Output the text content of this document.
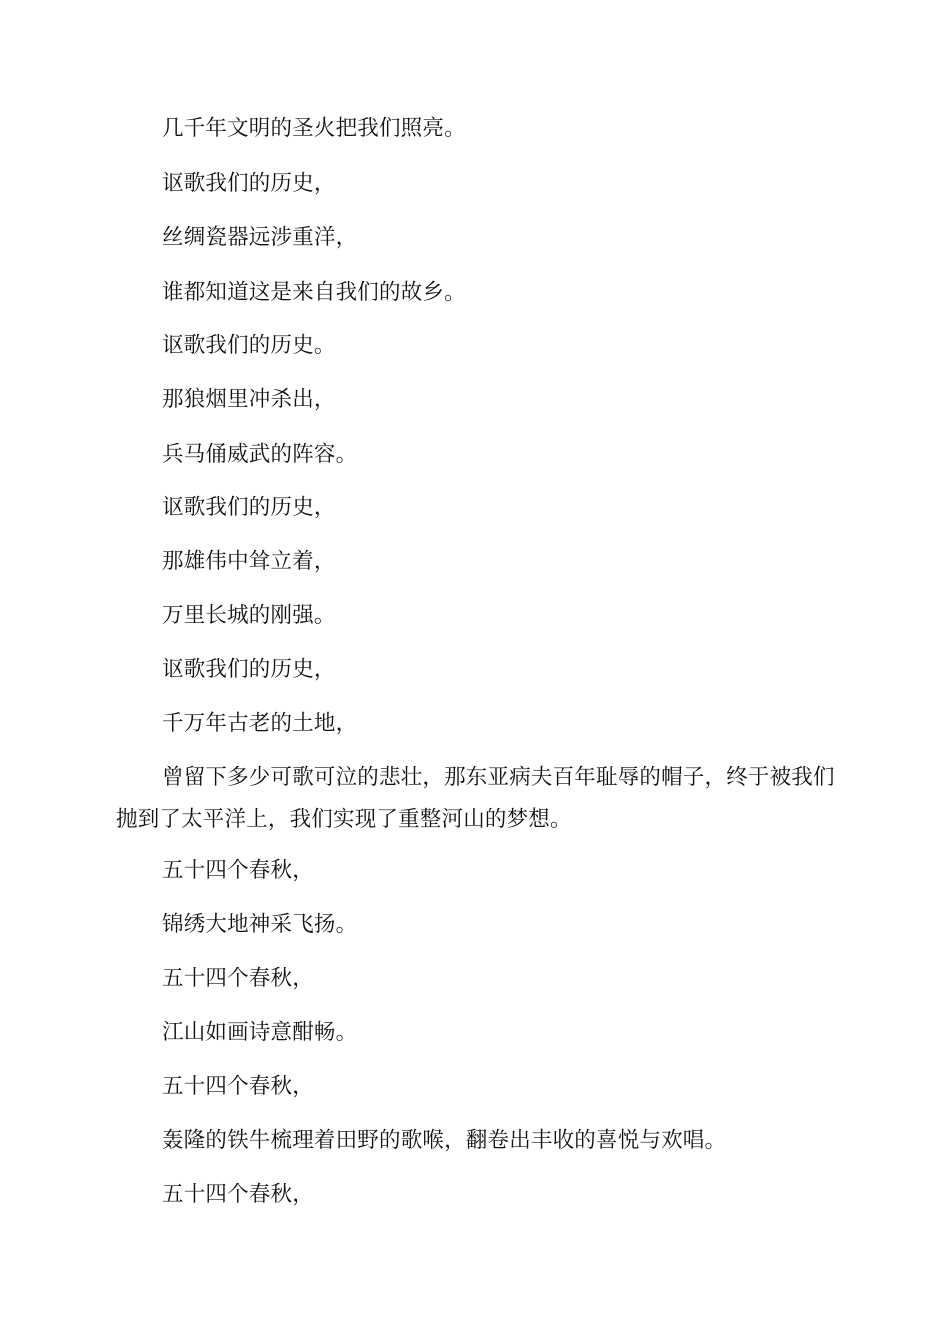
几千年文明的圣火把我们照亮。
讴歌我们的历史，
丝绸瓷器远涉重洋，
谁都知道这是来自我们的故乡。
讴歌我们的历史。
那狼烟里冲杀出，
兵马俑威武的阵容。
讴歌我们的历史，
那雄伟中耸立着，
万里长城的刚强。
讴歌我们的历史，
千万年古老的土地，
曾留下多少可歌可泣的悲壮，那东亚病夫百年耻辱的帽子，终于被我们抛到了太平洋上，我们实现了重整河山的梦想。
五十四个春秋，
锦绣大地神采飞扬。
五十四个春秋，
江山如画诗意酣畅。
五十四个春秋，
轰隆的铁牛梳理着田野的歌喉，翻卷出丰收的喜悦与欢唱。
五十四个春秋，
